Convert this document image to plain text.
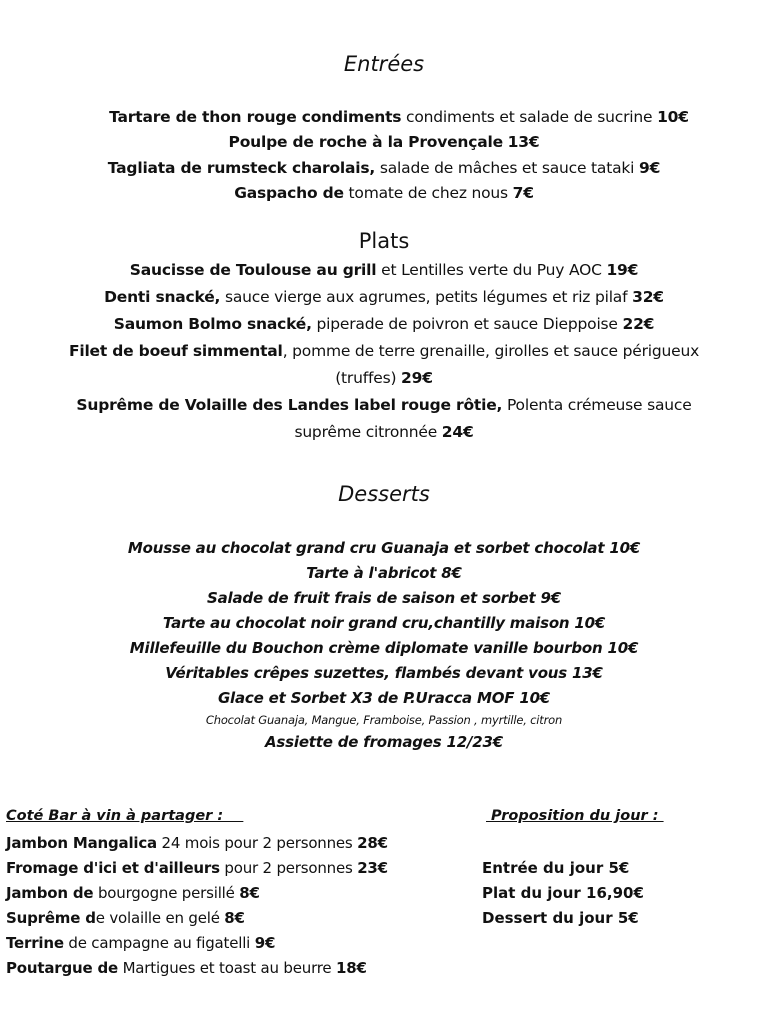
Entrées
Tartare de thon rouge condiments condiments et salade de sucrine 10€
Poulpe de roche à la Provençale 13€
Tagliata de rumsteck charolais, salade de mâches et sauce tataki 9€
Gaspacho de tomate de chez nous 7€
Plats
Saucisse de Toulouse au grill et Lentilles verte du Puy AOC 19€
Denti snacké, sauce vierge aux agrumes, petits légumes et riz pilaf 32€
Saumon Bolmo snacké, piperade de poivron et sauce Dieppoise 22€
Filet de boeuf simmental, pomme de terre grenaille, girolles et sauce périgueux
(truffes) 29€
Suprême de Volaille des Landes label rouge rôtie, Polenta crémeuse sauce
suprême citronnée 24€
Desserts
Mousse au chocolat grand cru Guanaja et sorbet chocolat 10€
Tarte à l'abricot 8€
Salade de fruit frais de saison et sorbet 9€
Tarte au chocolat noir grand cru,chantilly maison 10€
Millefeuille du Bouchon crème diplomate vanille bourbon 10€
Véritables crêpes suzettes, flambés devant vous 13€
Glace et Sorbet X3 de P.Uracca MOF 10€
Chocolat Guanaja, Mangue, Framboise, Passion , myrtille, citron
Assiette de fromages 12/23€
Coté Bar à vin à partager :
Jambon Mangalica 24 mois pour 2 personnes 28€
Fromage d'ici et d'ailleurs pour 2 personnes 23€
Jambon de bourgogne persillé 8€
Suprême de volaille en gelé 8€
Terrine de campagne au figatelli 9€
Poutargue de Martigues et toast au beurre 18€
Proposition du jour :
Entrée du jour 5€
Plat du jour 16,90€
Dessert du jour 5€
